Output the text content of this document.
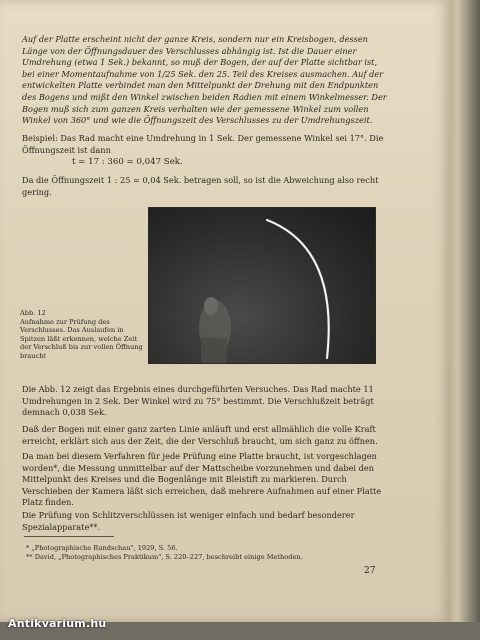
Auf der Platte erscheint nicht der ganze Kreis, sondern nur ein Kreisbogen, dessen Länge von der Öffnungsdauer des Verschlusses abhängig ist. Ist die Dauer einer Umdrehung (etwa 1 Sek.) bekannt, so muß der Bogen, der auf der Platte sichtbar ist, bei einer Momentaufnahme von 1/25 Sek. den 25. Teil des Kreises ausmachen. Auf der entwickelten Platte verbindet man den Mittelpunkt der Drehung mit den Endpunkten des Bogens und mißt den Winkel zwischen beiden Radien mit einem Winkelmesser. Der Bogen muß sich zum ganzen Kreis verhalten wie der gemessene Winkel zum vollen Winkel von 360° und wie die Öffnungszeit des Verschlusses zu der Umdrehungszeit.
Beispiel: Das Rad macht eine Umdrehung in 1 Sek. Der gemessene Winkel sei 17°. Die Öffnungszeit ist dann
t = 17 : 360 = 0,047 Sek.
Da die Öffnungszeit 1 : 25 = 0,04 Sek. betragen soll, so ist die Abweichung also recht gering.
Abb. 12
Aufnahme zur Prüfung des Verschlusses. Das Auslaufen in Spitzen läßt erkennen, welche Zeit der Verschluß bis zur vollen Öffnung braucht
Die Abb. 12 zeigt das Ergebnis eines durchgeführten Versuches. Das Rad machte 11 Umdrehungen in 2 Sek. Der Winkel wird zu 75° bestimmt. Die Verschlußzeit beträgt demnach 0,038 Sek.
Daß der Bogen mit einer ganz zarten Linie anläuft und erst allmählich die volle Kraft erreicht, erklärt sich aus der Zeit, die der Verschluß braucht, um sich ganz zu öffnen.
Da man bei diesem Verfahren für jede Prüfung eine Platte braucht, ist vorgeschlagen worden*, die Messung unmittelbar auf der Mattscheibe vorzunehmen und dabei den Mittelpunkt des Kreises und die Bogenlänge mit Bleistift zu markieren. Durch Verschieben der Kamera läßt sich erreichen, daß mehrere Aufnahmen auf einer Platte Platz finden.
Die Prüfung von Schlitzverschlüssen ist weniger einfach und bedarf besonderer Spezialapparate**.
* „Photographische Rundschau", 1929, S. 56.
** David, „Photographisches Praktikum", S. 220–227, beschreibt einige Methoden.
27
Antikvarium.hu
